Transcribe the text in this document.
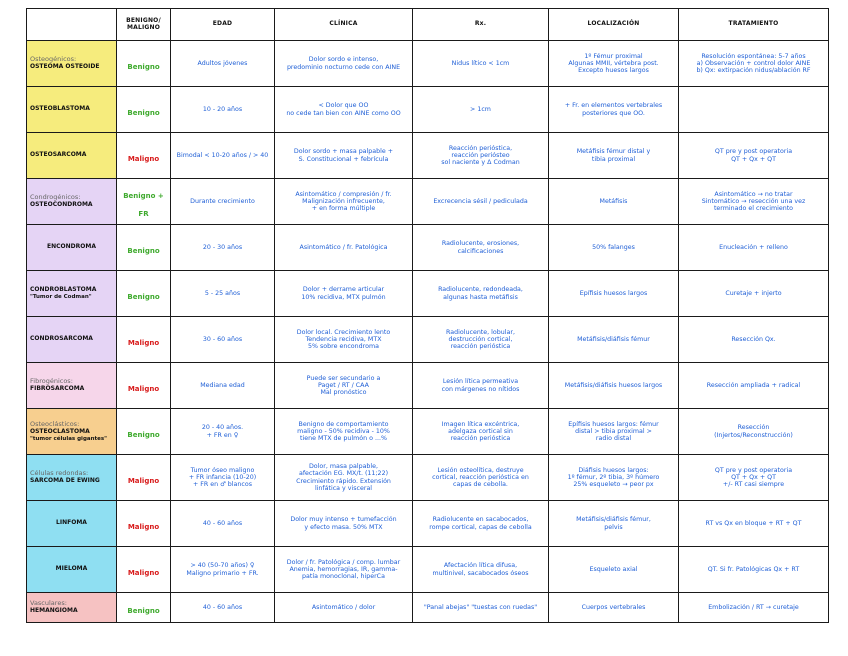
	BENIGNO/ MALIGNO	EDAD	CLÍNICA	Rx.	LOCALIZACIÓN	TRATAMIENTO

Osteogénicos:
OSTEOMA OSTEOIDE	Benigno	Adultos jóvenes	Dolor sordo e intenso,
predominio nocturno cede con AINE	Nidus lítico < 1cm	1º Fémur proximal
Algunas MMII, vértebra post.
Excepto huesos largos	Resolución espontánea: 5-7 años
a) Observación + control dolor AINE
b) Qx: extirpación nidus/ablación RF

OSTEOBLASTOMA	Benigno	10 - 20 años	< Dolor que OO
no cede tan bien con AINE como OO	> 1cm	+ Fr. en elementos vertebrales
posteriores que OO.	

OSTEOSARCOMA	Maligno	Bimodal < 10-20 años / > 40	Dolor sordo + masa palpable +
S. Constitucional + febrícula	Reacción perióstica,
reacción periósteo
sol naciente y Δ Codman	Metáfisis fémur distal y
tibia proximal	QT pre y post operatoria
QT + Qx + QT

Condrogénicos:
OSTEOCONDROMA	Benigno + FR	Durante crecimiento	Asintomático / compresión / fr.
Malignización infrecuente,
+ en forma múltiple	Excrecencia sésil / pediculada	Metáfisis	Asintomático → no tratar
Sintomático → resección una vez
terminado el crecimiento

ENCONDROMA	Benigno	20 - 30 años	Asintomático / fr. Patológica	Radiolucente, erosiones,
calcificaciones	50% falanges	Enucleación + relleno

CONDROBLASTOMA
"Tumor de Codman"	Benigno	5 - 25 años	Dolor + derrame articular
10% recidiva, MTX pulmón	Radiolucente, redondeada,
algunas hasta metáfisis	Epífisis huesos largos	Curetaje + injerto

CONDROSARCOMA	Maligno	30 - 60 años	Dolor local. Crecimiento lento
Tendencia recidiva, MTX
5% sobre encondroma	Radiolucente, lobular,
destrucción cortical,
reacción perióstica	Metáfisis/diáfisis fémur	Resección Qx.

Fibrogénicos:
FIBROSARCOMA	Maligno	Mediana edad	Puede ser secundario a
Paget / RT / CAA
Mal pronóstico	Lesión lítica permeativa
con márgenes no nítidos	Metáfisis/diáfisis huesos largos	Resección ampliada + radical

Osteoclásticos:
OSTEOCLASTOMA
"tumor células gigantes"	Benigno	20 - 40 años.
+ FR en ♀	Benigno de comportamiento
maligno - 50% recidiva - 10%
tiene MTX de pulmón o ...%	Imagen lítica excéntrica,
adelgaza cortical sin
reacción perióstica	Epífisis huesos largos: fémur
distal > tibia proximal >
radio distal	Resección
(Injertos/Reconstrucción)

Células redondas:
SARCOMA DE EWING	Maligno	Tumor óseo maligno
+ FR infancia (10-20)
+ FR en ♂ blancos	Dolor, masa palpable,
afectación EG. MX/t. (11;22)
Crecimiento rápido. Extensión
linfática y visceral	Lesión osteolítica, destruye
cortical, reacción perióstica en
capas de cebolla.	Diáfisis huesos largos:
1º fémur, 2º tibia, 3º húmero
25% esqueleto → peor px	QT pre y post operatoria
QT + Qx + QT
+/- RT casi siempre

LINFOMA	Maligno	40 - 60 años	Dolor muy intenso + tumefacción
y efecto masa. 50% MTX	Radiolucente en sacabocados,
rompe cortical, capas de cebolla	Metáfisis/diáfisis fémur,
pelvis	RT vs Qx en bloque + RT + QT

MIELOMA	Maligno	> 40 (50-70 años) ♀
Maligno primario + FR.	Dolor / fr. Patológica / comp. lumbar
Anemia, hemorragias, IR, gamma-
patía monoclonal, hiperCa	Afectación lítica difusa,
multinivel, sacabocados óseos	Esqueleto axial	QT. Si fr. Patológicas Qx + RT

Vasculares:
HEMANGIOMA	Benigno	40 - 60 años	Asintomático / dolor	"Panal abejas" "tuestas con ruedas"	Cuerpos vertebrales	Embolización / RT → curetaje
